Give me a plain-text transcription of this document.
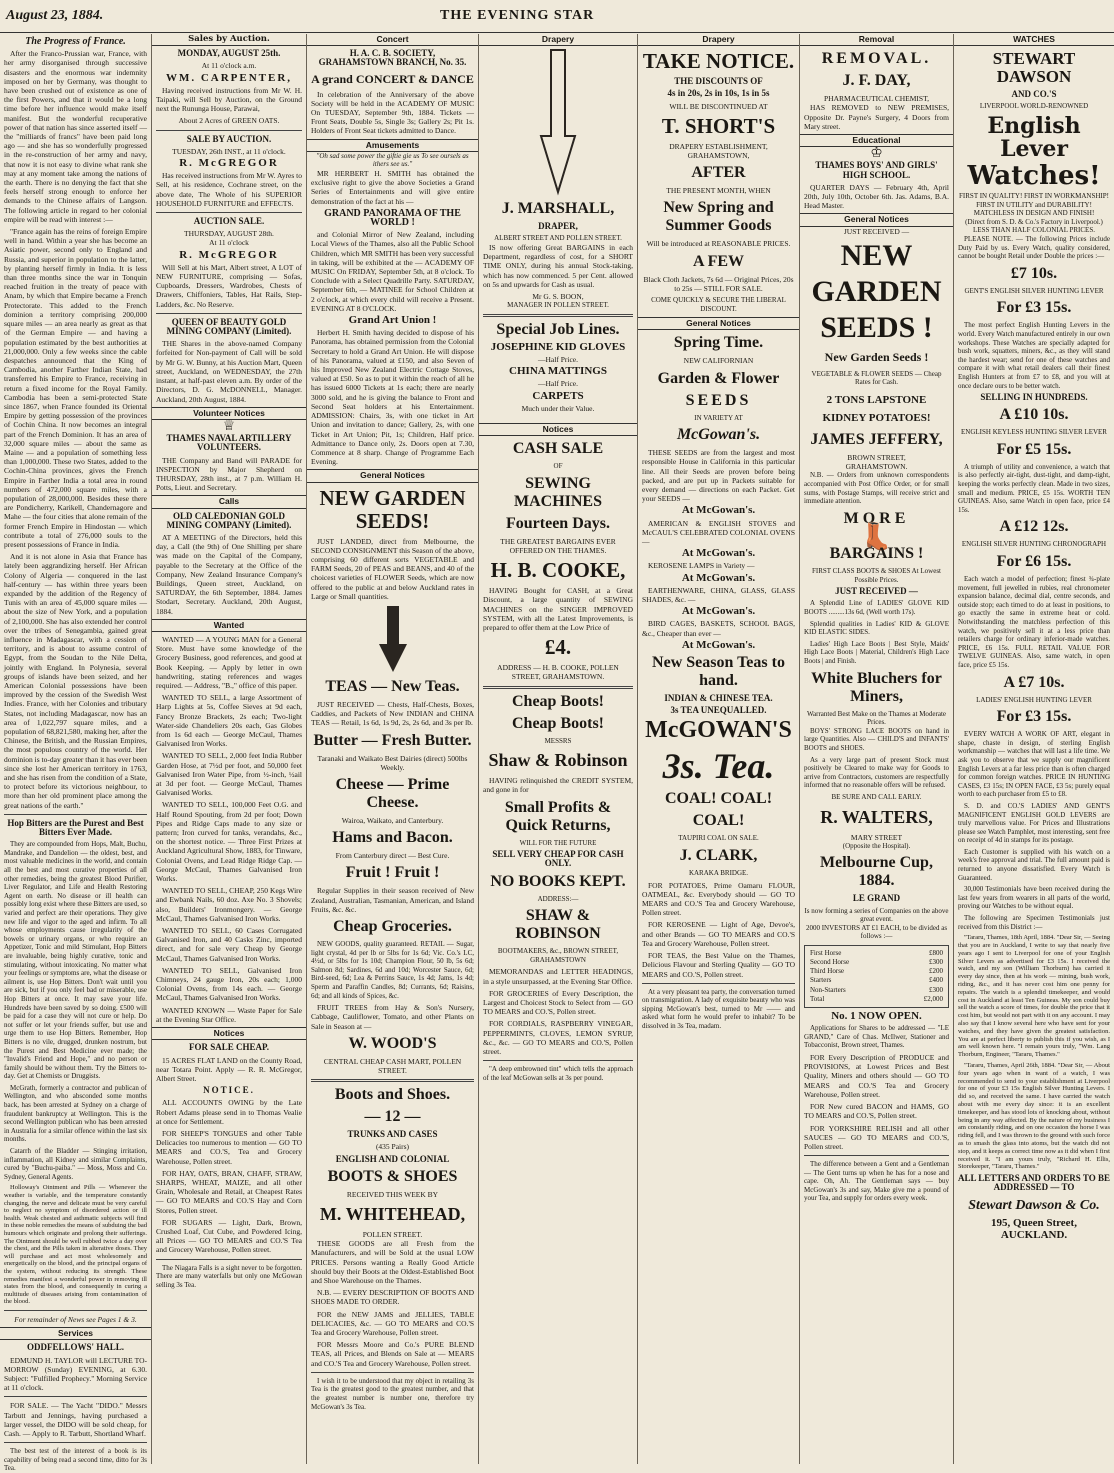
August 23, 1884.	THE EVENING STAR
The Progress of France.

After the Franco-Prussian war, France, with her army disorganised through successive disasters and the enormous war indemnity imposed on her by Germany, was thought to have been crushed out of existence as one of the first Powers, and that it would be a long time before her influence would make itself manifest. But the wonderful recuperative power of that nation has since asserted itself — the "milliards of francs" have been paid long ago — and she has so wonderfully progressed in the re-construction of her army and navy, that now it is not easy to divine what rank she may at any moment take among the nations of the earth. There is no denying the fact that she feels herself strong enough to enforce her demands to the Chinese affairs of Langson. The following article in regard to her colonial empire will be read with interest :—

"France again has the reins of foreign Empire well in hand. Within a year she has become an Asiatic power, second only to England and Russia, and superior in population to the latter, by planting herself firmly in India. It is less than three months since the war in Tonquin reached fruition in the treaty of peace with Anam, by which that Empire became a French Protectorate. This added to the French dominion a territory comprising 200,000 square miles — an area nearly as great as that of the German Empire — and having a population estimated by the best authorities at 21,000,000. Only a few weeks since the cable despatches announced that the King of Cambodia, another Farther Indian State, had transferred his Empire to France, receiving in return a fixed income for the Royal Family. Cambodia has been a semi-protected State since 1867, when France founded its Oriental Empire by getting possession of the provinces of Cochin China. It now becomes an integral part of the French Dominion. It has an area of 32,000 square miles — about the same as Maine — and a population of something less than 1,000,000. These two States, added to the Cochin-China provinces, gives the French Empire in Farther India a total area in round numbers of 472,000 square miles, with a population of 28,000,000. Besides these there are Pondicherry, Karikell, Chandernagore and Mahe — the four cities that alone remain of the former French Empire in Hindostan — which contribute a total of 276,000 souls to the present possessions of France in India.

And it is not alone in Asia that France has lately been aggrandizing herself. Her African Colony of Algeria — conquered in the last half-century — has within three years been expanded by the addition of the Regency of Tunis with an area of 45,000 square miles — about the size of New York, and a population of 2,100,000. She has also extended her control over the tribes of Senegambia, gained great influence in Madagascar, with a cession of territory, and is about to assume control of Egypt, from the Soudan to the Nile Delta, jointly with England. In Polynesia, several groups of islands have been seized, and her American Colonial possessions have been improved by the cession of the Swedish West Indies. France, with her Colonies and tributary States, not including Madagascar, now has an area of 1,022,797 square miles, and a population of 68,821,580, making her, after the Chinese, the British, and the Russian Empires, the most populous country of the world. Her dominion is to-day greater than it has ever been since she lost her American territory in 1763, and she has risen from the condition of a State, to protect before its victorious neighbour, to more than her old prominent place among the great nations of the earth."

Hop Bitters are the Purest and Best Bitters Ever Made.

They are compounded from Hops, Malt, Buchu, Mandrake, and Dandelion — the oldest, best, and most valuable medicines in the world, and contain all the best and most curative properties of all other remedies, being the greatest Blood Purifier, Liver Regulator, and Life and Health Restoring Agent on earth. No disease or ill health can possibly long exist where these Bitters are used, so varied and perfect are their operations. They give new life and vigor to the aged and infirm. To all whose employments cause irregularity of the bowels or urinary organs, or who require an Appetizer, Tonic and mild Stimulant, Hop Bitters are invaluable, being highly curative, tonic and stimulating, without intoxicating. No matter what your feelings or symptoms are, what the disease or ailment is, use Hop Bitters. Don't wait until you are sick, but if you only feel bad or miserable, use Hop Bitters at once. It may save your life. Hundreds have been saved by so doing. £500 will be paid for a case they will not cure or help. Do not suffer or let your friends suffer, but use and urge them to use Hop Bitters. Remember, Hop Bitters is no vile, drugged, drunken nostrum, but the Purest and Best Medicine ever made; the "Invalid's Friend and Hope," and no person or family should be without them. Try the Bitters to-day. Get at Chemists or Druggists.

McGrath, formerly a contractor and publican of Wellington, and who absconded some months back, has been arrested at Sydney on a charge of fraudulent bankruptcy at Wellington. This is the second Wellington publican who has been arrested in Australia for a similar offence within the last six months.

Catarrh of the Bladder — Stinging irritation, inflammation, all Kidney and similar Complaints, cured by "Buchu-paiba." — Moss, Moss and Co. Sydney, General Agents.

Holloway's Ointment and Pills — Whenever the weather is variable, and the temperature constantly changing, the nerve and delicate must be very careful to neglect no symptom of disordered action or ill health. Weak chested and asthmatic subjects will find in these noble remedies the means of subduing the bad humours which originate and prolong their sufferings. The Ointment should be well rubbed twice a day over the chest, and the Pills taken in alterative doses. They will purchase and act most wholesomely and energetically on the blood, and the principal organs of the system, without reducing its strength. These remedies manifest a wonderful power in removing ill states from the blood, and consequently in curing a multitude of diseases arising from contamination of the blood.

For remainder of News see Pages 1 & 3.
Services
ODDFELLOWS' HALL.

EDMUND H. TAYLOR will LECTURE TO-MORROW (Sunday) EVENING, at 6.30. Subject: "Fulfilled Prophecy." Morning Service at 11 o'clock.

FOR SALE. — The Yacht "DIDO." Messrs Tarbutt and Jennings, having purchased a larger vessel, the DIDO will be sold cheap, for Cash. — Apply to R. Tarbutt, Shortland Wharf.

The best test of the interest of a book is its capability of being read a second time, ditto for 3s Tea.

Sales by Auction.
MONDAY, AUGUST 25th.
At 11 o'clock a.m.
WM. CARPENTER,

Having received instructions from Mr W. H. Taipaki, will Sell by Auction, on the Ground next the Rununga House, Parawai,

About 2 Acres of GREEN OATS.
SALE BY AUCTION.
TUESDAY, 26th INST., at 11 o'clock.
R. McGREGOR

Has received instructions from Mr W. Ayres to Sell, at his residence, Cochrane street, on the above date, The Whole of his SUPERIOR HOUSEHOLD FURNITURE and EFFECTS.

AUCTION SALE.
THURSDAY, AUGUST 28th.
At 11 o'clock
R. McGREGOR

Will Sell at his Mart, Albert street, A LOT of NEW FURNITURE, comprising — Sofas, Cupboards, Dressers, Wardrobes, Chests of Drawers, Chiffoniers, Tables, Hat Rails, Step-Ladders, &c. No Reserve.

QUEEN OF BEAUTY GOLD MINING COMPANY (Limited).

THE Shares in the above-named Company forfeited for Non-payment of Call will be sold by Mr G. W. Bunny, at his Auction Mart, Queen street, Auckland, on WEDNESDAY, the 27th instant, at half-past eleven a.m. By order of the Directors, D. G. McDONNELL, Manager. Auckland, 20th August, 1884.

Volunteer Notices
♕
THAMES NAVAL ARTILLERY VOLUNTEERS.

THE Company and Band will PARADE for INSPECTION by Major Shepherd on THURSDAY, 28th inst., at 7 p.m. William H. Potts, Lieut. and Secretary.

Calls
OLD CALEDONIAN GOLD MINING COMPANY (Limited).

AT A MEETING of the Directors, held this day, a Call (the 9th) of One Shilling per share was made on the Capital of the Company, payable to the Secretary at the Office of the Company, New Zealand Insurance Company's Buildings, Queen street, Auckland, on SATURDAY, the 6th September, 1884. James Stodart, Secretary. Auckland, 20th August, 1884.

Wanted

WANTED — A YOUNG MAN for a General Store. Must have some knowledge of the Grocery Business, good references, and good at Book Keeping. — Apply by letter in own handwriting, stating references and wages required. — Address, "B.," office of this paper.

WANTED TO SELL, a large Assortment of Harp Lights at 5s, Coffee Sieves at 9d each, Fancy Bronze Brackets, 2s each; Two-light Water-side Chandeliers 20s each, Gas Globes from 1s 6d each — George McCaul, Thames Galvanised Iron Works.

WANTED TO SELL, 2,000 feet India Rubber Garden Hose, at 7½d per foot, and 50,000 feet Galvanised Iron Water Pipe, from ½-inch, ½ail at 3d per foot. — George McCaul, Thames Galvanised Works.

WANTED TO SELL, 100,000 Feet O.G. and Half Round Spouting, from 2d per foot; Down Pipes and Ridge Caps made to any size or pattern; Iron curved for tanks, verandahs, &c., on the shortest notice. — Three First Prizes at Auckland Agricultural Show, 1883, for Tinware, Colonial Ovens, and Lead Ridge Ridge Cap. — George McCaul, Thames Galvanised Iron Works.

WANTED TO SELL, CHEAP, 250 Kegs Wire and Ewbank Nails, 60 doz. Axe No. 3 Shovels; also, Builders' Ironmongery. — George McCaul, Thames Galvanised Iron Works.

WANTED TO SELL, 60 Cases Corrugated Galvanised Iron, and 40 Casks Zinc, imported direct, and for sale very Cheap by George McCaul, Thames Galvanised Iron Works.

WANTED TO SELL, Galvanised Iron Chimneys, 24 gauge Iron, 20s each; 1,000 Colonial Ovens, from 14s each. — George McCaul, Thames Galvanised Iron Works.

WANTED KNOWN — Waste Paper for Sale at the Evening Star Office.

Notices
FOR SALE CHEAP.

15 ACRES FLAT LAND on the County Road, near Totara Point. Apply — R. R. McGregor, Albert Street.

NOTICE.

ALL ACCOUNTS OWING by the Late Robert Adams please send in to Thomas Vealie at once for Settlement.

FOR SHEEP'S TONGUES and other Table Delicacies too numerous to mention — GO TO MEARS and CO.'S, Tea and Grocery Warehouse, Pollen street.

FOR HAY, OATS, BRAN, CHAFF, STRAW, SHARPS, WHEAT, MAIZE, and all other Grain, Wholesale and Retail, at Cheapest Rates — GO TO MEARS and CO.'S Hay and Corn Stores, Pollen street.

FOR SUGARS — Light, Dark, Brown, Crushed Loaf, Cut Cube, and Powdered Icing, all Prices — GO TO MEARS and CO.'S Tea and Grocery Warehouse, Pollen street.

The Niagara Falls is a sight never to be forgotten. There are many waterfalls but only one McGowan selling 3s Tea.

Concert
H. A. C. B. SOCIETY, GRAHAMSTOWN BRANCH, No. 35.
A grand CONCERT & DANCE

In celebration of the Anniversary of the above Society will be held in the ACADEMY OF MUSIC On TUESDAY, September 9th, 1884. Tickets — Front Seats, Double 5s, Single 3s; Gallery 2s; Pit 1s. Holders of Front Seat tickets admitted to Dance.

Amusements
"Oh sad some power the giftie gie us To see oursels as ithers see us."

MR HERBERT H. SMITH has obtained the exclusive right to give the above Societies a Grand Series of Entertainments and will give entire demonstration of the fact at his —

GRAND PANORAMA OF THE WORLD !

and Colonial Mirror of New Zealand, including Local Views of the Thames, also all the Public School Children, which MR SMITH has been very successful in taking, will be exhibited at the — ACADEMY OF MUSIC On FRIDAY, September 5th, at 8 o'clock. To Conclude with a Select Quadrille Party. SATURDAY, September 6th, — MATINEE for School Children at 2 o'clock, at which every child will receive a Present. EVENING AT 8 O'CLOCK.

Grand Art Union !

Herbert H. Smith having decided to dispose of his Panorama, has obtained permission from the Colonial Secretary to hold a Grand Art Union. He will dispose of his Panorama, valued at £150, and also Seven of his Improved New Zealand Electric Cottage Stoves, valued at £50. So as to put it within the reach of all he has issued 6000 Tickets at 1s each; there are nearly 3000 sold, and he is giving the balance to Front and Second Seat holders at his Entertainment. ADMISSION: Chairs, 3s, with one ticket in Art Union and invitation to dance; Gallery, 2s, with one Ticket in Art Union; Pit, 1s; Children, Half price. Admittance to Dance only, 2s. Doors open at 7.30, Commence at 8 sharp. Change of Programme Each Evening.

General Notices
NEW GARDEN SEEDS!

JUST LANDED, direct from Melbourne, the SECOND CONSIGNMENT this Season of the above, comprising 60 different sorts VEGETABLE and FARM Seeds, 20 of PEAS and BEANS, and 40 of the choicest varieties of FLOWER Seeds, which are now offered to the public at and below Auckland rates in Large or Small quantities.

TEAS — New Teas.

JUST RECEIVED — Chests, Half-Chests, Boxes, Caddies, and Packets of New INDIAN and CHINA TEAS — Retail, 1s 6d, 1s 9d, 2s, 2s 6d, and 3s per lb.

Butter — Fresh Butter.
Taranaki and Waikato Best Dairies (direct) 500lbs Weekly.
Cheese — Prime Cheese.
Wairoa, Waikato, and Canterbury.
Hams and Bacon.
From Canterbury direct — Best Cure.
Fruit ! Fruit !

Regular Supplies in their season received of New Zealand, Australian, Tasmanian, American, and Island Fruits, &c. &c.

Cheap Groceries.

NEW GOODS, quality guaranteed. RETAIL — Sugar, light crystal, 4d per lb or 5lbs for 1s 6d; Vic. Co.'s LC, 4½d, or 5lbs for 1s 10d; Champion Flour, 50 lb, 5s 6d; Salmon 8d; Sardines, 6d and 10d; Worcester Sauce, 6d; Bird-seed, 6d; Lea & Perrins Sauce, 1s 4d; Jams, 1s 4d; Sperm and Paraffin Candles, 8d; Currants, 6d; Raisins, 6d; and all kinds of Spices, &c.

FRUIT TREES from Hay & Son's Nursery, Cabbage, Cauliflower, Tomato, and other Plants on Sale in Season at —

W. WOOD'S
CENTRAL CHEAP CASH MART, POLLEN STREET.
Boots and Shoes.
— 12 —
TRUNKS AND CASES
(435 Pairs)
ENGLISH AND COLONIAL
BOOTS & SHOES
RECEIVED THIS WEEK BY
M. WHITEHEAD,
POLLEN STREET.

THESE GOODS are all Fresh from the Manufacturers, and will be Sold at the usual LOW PRICES. Persons wanting a Really Good Article should buy their Boots at the Oldest-Established Boot and Shoe Warehouse on the Thames.

N.B. — EVERY DESCRIPTION OF BOOTS AND SHOES MADE TO ORDER.

FOR the NEW JAMS and JELLIES, TABLE DELICACIES, &c. — GO TO MEARS and CO.'S Tea and Grocery Warehouse, Pollen street.

FOR Messrs Moore and Co.'s PURE BLEND TEAS, all Prices, and Blends on Sale at — MEARS and CO.'S Tea and Grocery Warehouse, Pollen street.

I wish it to be understood that my object in retailing 3s Tea is the greatest good to the greatest number, and that the greatest number is number one, therefore try McGowan's 3s Tea.

Drapery
J. MARSHALL,
DRAPER,
ALBERT STREET AND POLLEN STREET.

IS now offering Great BARGAINS in each Department, regardless of cost, for a SHORT TIME ONLY, during his annual Stock-taking, which has now commenced. 5 per Cent. allowed on 5s and upwards for Cash as usual.

Mr G. S. BOON,
MANAGER IN POLLEN STREET.
Special Job Lines.
JOSEPHINE KID GLOVES
—Half Price.
CHINA MATTINGS
—Half Price.
CARPETS
Much under their Value.
Notices
CASH SALE
OF
SEWING MACHINES
Fourteen Days.
THE GREATEST BARGAINS EVER OFFERED ON THE THAMES.
H. B. COOKE,

HAVING Bought for CASH, at a Great Discount, a large quantity of SEWING MACHINES on the SINGER IMPROVED SYSTEM, with all the Latest Improvements, is prepared to offer them at the Low Price of

£4.
ADDRESS — H. B. COOKE, POLLEN STREET, GRAHAMSTOWN.
Cheap Boots!
Cheap Boots!
MESSRS
Shaw & Robinson

HAVING relinquished the CREDIT SYSTEM, and gone in for

Small Profits & Quick Returns,
WILL FOR THE FUTURE
SELL VERY CHEAP FOR CASH ONLY.
NO BOOKS KEPT.
ADDRESS:—
SHAW & ROBINSON
BOOTMAKERS, &c., BROWN STREET, GRAHAMSTOWN

MEMORANDAS and LETTER HEADINGS, in a style unsurpassed, at the Evening Star Office.

FOR GROCERIES of Every Description, the Largest and Choicest Stock to Select from — GO TO MEARS and CO.'S, Pollen street.

FOR CORDIALS, RASPBERRY VINEGAR, PEPPERMINTS, CLOVES, LEMON SYRUP, &c., &c. — GO TO MEARS and CO.'S, Pollen street.

"A deep embrowned tint" which tells the approach of the leaf McGowan sells at 3s per pound.

Drapery
TAKE NOTICE.
THE DISCOUNTS OF
4s in 20s, 2s in 10s, 1s in 5s
WILL BE DISCONTINUED AT
T. SHORT'S
DRAPERY ESTABLISHMENT,
GRAHAMSTOWN,
AFTER
THE PRESENT MONTH, WHEN
New Spring and Summer Goods
Will be introduced at REASONABLE PRICES.
A FEW
Black Cloth Jackets, 7s 6d — Original Prices, 20s to 25s — STILL FOR SALE.
COME QUICKLY & SECURE THE LIBERAL DISCOUNT.
General Notices
Spring Time.
NEW CALIFORNIAN
Garden & Flower
SEEDS
IN VARIETY AT
McGowan's.

THESE SEEDS are from the largest and most responsible House in California in this particular line. All their Seeds are proven before being packed, and are put up in Packets suitable for every demand — directions on each Packet. Get your SEEDS —

At McGowan's.

AMERICAN & ENGLISH STOVES and McCAUL'S CELEBRATED COLONIAL OVENS —

At McGowan's.

KEROSENE LAMPS in Variety —

At McGowan's.

EARTHENWARE, CHINA, GLASS, GLASS SHADES, &c. —

At McGowan's.

BIRD CAGES, BASKETS, SCHOOL BAGS, &c., Cheaper than ever —

At McGowan's.
New Season Teas to hand.
INDIAN & CHINESE TEA.
3s TEA UNEQUALLED.
McGOWAN'S
3s. Tea.
COAL! COAL!
COAL!
TAUPIRI COAL ON SALE.
J. CLARK,
KARAKA BRIDGE.

FOR POTATOES, Prime Oamaru FLOUR, OATMEAL, &c. Everybody should — GO TO MEARS and CO.'S Tea and Grocery Warehouse, Pollen street.

FOR KEROSENE — Light of Age, Devoe's, and other Brands — GO TO MEARS and CO.'S Tea and Grocery Warehouse, Pollen street.

FOR TEAS, the Best Value on the Thames, Delicious Flavour and Sterling Quality — GO TO MEARS and CO.'S, Pollen street.

At a very pleasant tea party, the conversation turned on transmigration. A lady of exquisite beauty who was sipping McGowan's best, turned to Mr —— and asked what form he would prefer to inhabit? To be dissolved in 3s Tea, madam.

Removal
REMOVAL.
J. F. DAY,
PHARMACEUTICAL CHEMIST,

HAS REMOVED to NEW PREMISES, Opposite Dr. Payne's Surgery, 4 Doors from Mary street.

Educational
♔
THAMES BOYS' AND GIRLS' HIGH SCHOOL.

QUARTER DAYS — February 4th, April 20th, July 10th, October 6th. Jas. Adams, B.A. Head Master.

General Notices
JUST RECEIVED —
NEW
GARDEN
SEEDS !
New Garden Seeds !
VEGETABLE & FLOWER SEEDS — Cheap Rates for Cash.
2 TONS LAPSTONE KIDNEY POTATOES!
JAMES JEFFERY,
BROWN STREET,
GRAHAMSTOWN.

N.B. — Orders from unknown correspondents accompanied with Post Office Order, or for small sums, with Postage Stamps, will receive strict and immediate attention.

MORE
👢
BARGAINS !
FIRST CLASS BOOTS & SHOES At Lowest Possible Prices.
JUST RECEIVED —

A Splendid Line of LADIES' GLOVE KID BOOTS .........13s 6d, (Well worth 17s).

Splendid qualities in Ladies' KID & GLOVE KID ELASTIC SIDES.

Ladies' High Lace Boots | Best Style, Maids' High Lace Boots | Material, Children's High Lace Boots | and Finish.

White Bluchers for Miners,
Warranted Best Make on the Thames at Moderate Prices.

BOYS' STRONG LACE BOOTS on hand in large Quantities. Also — CHILD'S and INFANTS' BOOTS and SHOES.

As a very large part of present Stock must positively be Cleared to make way for Goods to arrive from Contractors, customers are respectfully informed that no reasonable offers will be refused.

BE SURE AND CALL EARLY.
R. WALTERS,
MARY STREET
(Opposite the Hospital).
Melbourne Cup, 1884.
LE GRAND
Is now forming a series of Companies on the above great event.
2000 INVESTORS AT £1 EACH, to be divided as follows :—
First Horse	£800
Second Horse	£300
Third Horse	£200
Starters	£400
Non-Starters	£300
Total	£2,000
No. 1 NOW OPEN.

Applications for Shares to be addressed — "LE GRAND," Care of Chas. McIlwer, Stationer and Tobacconist, Brown street, Thames.

FOR Every Description of PRODUCE and PROVISIONS, at Lowest Prices and Best Quality, Miners and others should — GO TO MEARS and CO.'S Tea and Grocery Warehouse, Pollen street.

FOR New cured BACON and HAMS, GO TO MEARS and CO.'S, Pollen street.

FOR YORKSHIRE RELISH and all other SAUCES — GO TO MEARS and CO.'S, Pollen street.

The difference between a Gent and a Gentleman — The Gent turns up when he has for a nose and cape. Oh, Ah. The Gentleman says — buy McGowan's 3s and say, Make give me a pound of your Tea, and supply for orders every week.

WATCHES
STEWART DAWSON
AND CO.'S
LIVERPOOL WORLD-RENOWNED
English Lever
Watches!
FIRST IN QUALITY! FIRST IN WORKMANSHIP! FIRST IN UTILITY and DURABILITY! MATCHLESS IN DESIGN AND FINISH!
(Direct from S. D. & Co.'s Factory in Liverpool.) LESS THAN HALF COLONIAL PRICES.

PLEASE NOTE. — The following Prices include Duty Paid by us. Every Watch, quality considered, cannot be bought Retail under Double the prices :—

£7 10s.
GENT'S ENGLISH SILVER HUNTING LEVER
For £3 15s.

The most perfect English Hunting Levers in the world. Every Watch manufactured entirely in our own workshops. These Watches are specially adapted for bush work, squatters, miners, &c., as they will stand the hardest wear; send for one of these watches and compare it with what retail dealers call their finest English Hunters at from £7 to £8, and you will at once declare ours to be better watch.

SELLING IN HUNDREDS.
A £10 10s.
ENGLISH KEYLESS HUNTING SILVER LEVER
For £5 15s.

A triumph of utility and convenience, a watch that is also perfectly air-tight, dust-tight, and damp-tight, keeping the works perfectly clean. Made in two sizes, small and medium. PRICE, £5 15s. WORTH TEN GUINEAS. Also, same Watch in open face, price £4 15s.

A £12 12s.
ENGLISH SILVER HUNTING CHRONOGRAPH
For £6 15s.

Each watch a model of perfection; finest ¾-plate movement, full jewelled in rubies, real chronometer expansion balance, decimal dial, centre seconds, and outside stop; each timed to do at least in positions, to go exactly the same in extreme heat or cold. Notwithstanding the matchless perfection of this watch, we positively sell it at a less price than retailers charge for ordinary inferior-made watches. PRICE, £6 15s. FULL RETAIL VALUE FOR TWELVE GUINEAS. Also, same watch, in open face, price £5 15s.

A £7 10s.
LADIES' ENGLISH HUNTING LEVER
For £3 15s.

EVERY WATCH A WORK OF ART, elegant in shape, chaste in design, of sterling English workmanship — watches that will last a life time. We ask you to observe that we supply our magnificent English Levers at a far less price than is often charged for common foreign watches. PRICE IN HUNTING CASES, £3 15s; IN OPEN FACE, £3 5s; purely equal worth to each purchaser from £5 to £8.

S. D. and CO.'S LADIES' AND GENT'S MAGNIFICENT ENGLISH GOLD LEVERS are truly marvellous value. For Prices and Illustrations please see Watch Pamphlet, most interesting, sent free on receipt of 4d in stamps for its postage.

Each Customer is supplied with his watch on a week's free approval and trial. The full amount paid is returned to anyone dissatisfied. Every Watch is Guaranteed.

30,000 Testimonials have been received during the last few years from wearers in all parts of the world, proving our Watches to be without equal.

The following are Specimen Testimonials just received from this District :—

"Tararu, Thames, 18th April, 1884. "Dear Sir, — Seeing that you are in Auckland, I write to say that nearly five years ago I sent to Liverpool for one of your English Silver Levers as advertised for £3 15s. I received the watch, and my son (William Thorburn) has carried it every day since, then at his work — mining, bush work, riding, &c., and it has never cost him one penny for repairs. The watch is a splendid timekeeper, and would cost in Auckland at least Ten Guineas. My son could buy sell the watch a score of times, for double the price that it cost him, but would not part with it on any account. I may also say that I know several here who have sent for your watches, and they have given the greatest satisfaction. You are at perfect liberty to publish this if you wish, as I am well known here. "I remain yours truly, "Wm. Lang Thorburn, Engineer, "Tararu, Thames."

"Tararu, Thames, April 26th, 1884. "Dear Sir, — About four years ago when in want of a watch, I was recommended to send to your establishment at Liverpool for one of your £3 15s English Silver Hunting Levers. I did so, and received the same. I have carried the watch about with me every day since: it is an excellent timekeeper, and has stood lots of knocking about, without being in any way affected. By the nature of my business I am constantly riding, and on one occasion the horse I was riding fell, and I was thrown to the ground with such force as to smash the glass into atoms, but the watch did not stop, and it keeps as correct time now as it did when I first received it. "I am yours truly, "Richard H. Ellis, Storekeeper, "Tararu, Thames."

ALL LETTERS AND ORDERS TO BE ADDRESSED — TO
Stewart Dawson & Co.
195, Queen Street,
AUCKLAND.
